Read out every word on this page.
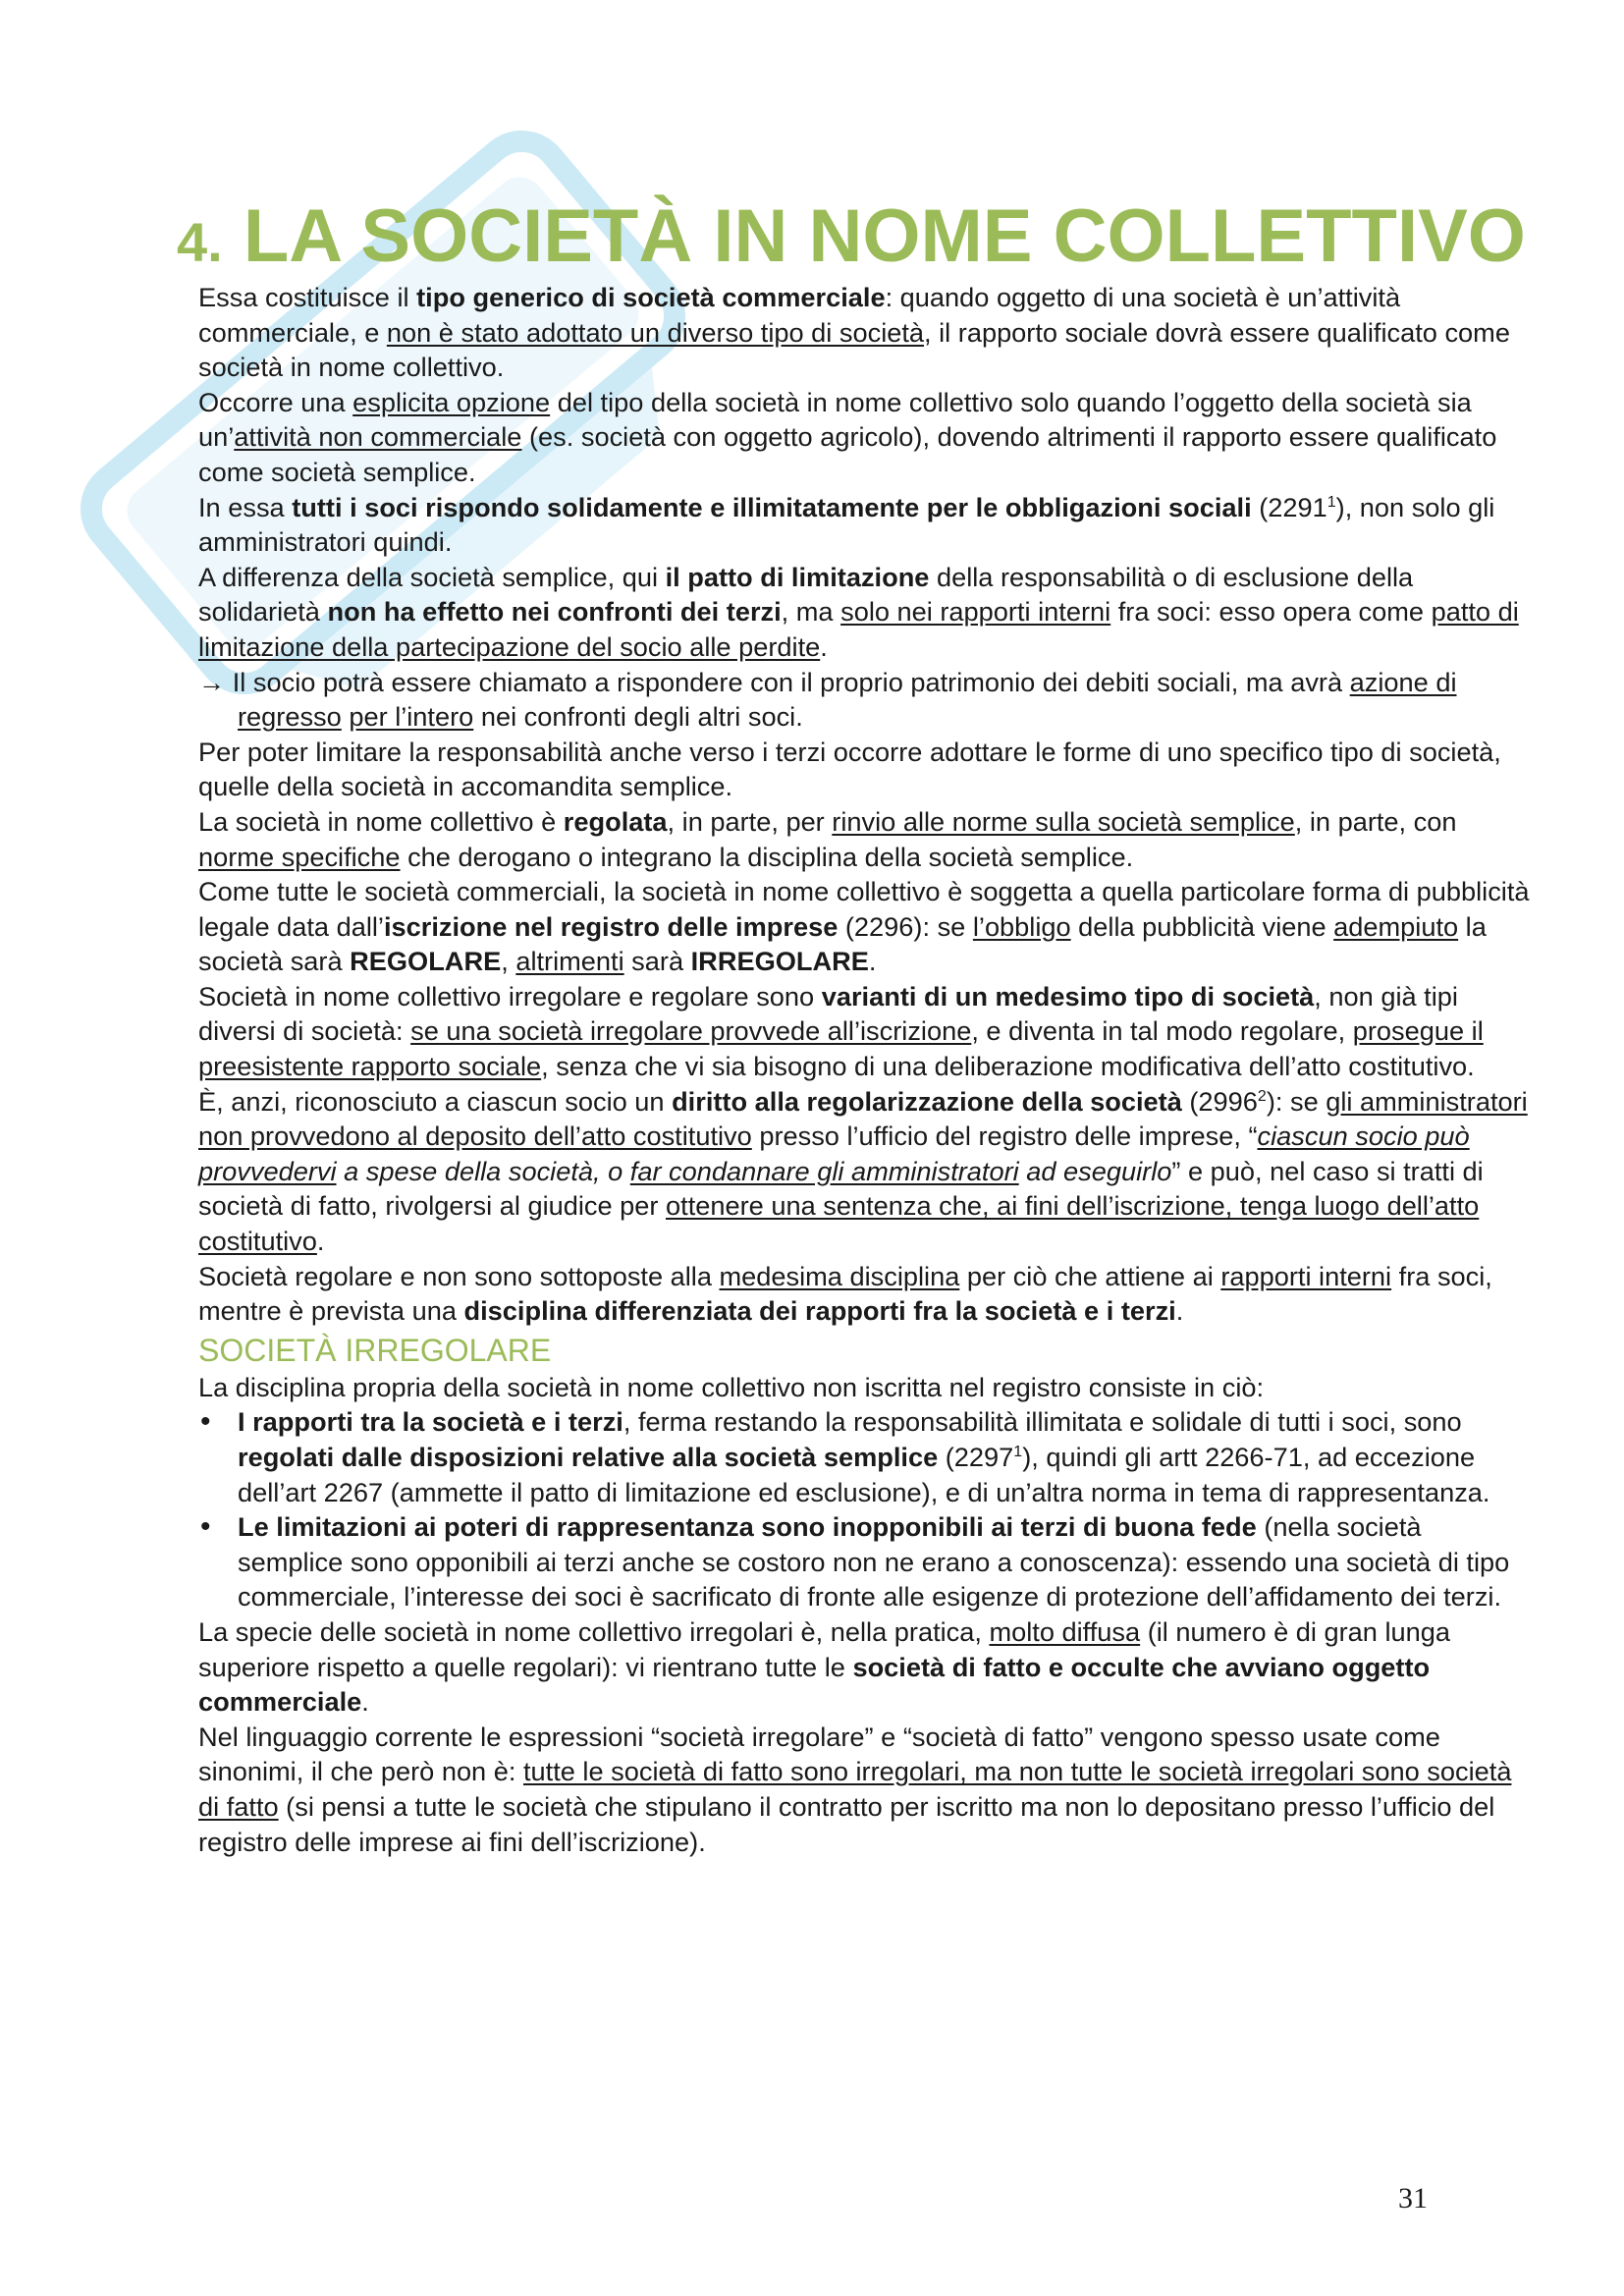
4. LA SOCIETÀ IN NOME COLLETTIVO

Essa costituisce il tipo generico di società commerciale: quando oggetto di una società è un’attività commerciale, e non è stato adottato un diverso tipo di società, il rapporto sociale dovrà essere qualificato come società in nome collettivo.

Occorre una esplicita opzione del tipo della società in nome collettivo solo quando l’oggetto della società sia un’attività non commerciale (es. società con oggetto agricolo), dovendo altrimenti il rapporto essere qualificato come società semplice.

In essa tutti i soci rispondo solidamente e illimitatamente per le obbligazioni sociali (2291$^1$), non solo gli amministratori quindi.

A differenza della società semplice, qui il patto di limitazione della responsabilità o di esclusione della solidarietà non ha effetto nei confronti dei terzi, ma solo nei rapporti interni fra soci: esso opera come patto di limitazione della partecipazione del socio alle perdite.

→ Il socio potrà essere chiamato a rispondere con il proprio patrimonio dei debiti sociali, ma avrà azione di regresso per l’intero nei confronti degli altri soci.

Per poter limitare la responsabilità anche verso i terzi occorre adottare le forme di uno specifico tipo di società, quelle della società in accomandita semplice.

La società in nome collettivo è regolata, in parte, per rinvio alle norme sulla società semplice, in parte, con norme specifiche che derogano o integrano la disciplina della società semplice.

Come tutte le società commerciali, la società in nome collettivo è soggetta a quella particolare forma di pubblicità legale data dall’iscrizione nel registro delle imprese (2296): se l’obbligo della pubblicità viene adempiuto la società sarà REGOLARE, altrimenti sarà IRREGOLARE.

Società in nome collettivo irregolare e regolare sono varianti di un medesimo tipo di società, non già tipi diversi di società: se una società irregolare provvede all’iscrizione, e diventa in tal modo regolare, prosegue il preesistente rapporto sociale, senza che vi sia bisogno di una deliberazione modificativa dell’atto costitutivo.

È, anzi, riconosciuto a ciascun socio un diritto alla regolarizzazione della società (2996$^2$): se gli amministratori non provvedono al deposito dell’atto costitutivo presso l’ufficio del registro delle imprese, “ciascun socio può provvedervi a spese della società, o far condannare gli amministratori ad eseguirlo” e può, nel caso si tratti di società di fatto, rivolgersi al giudice per ottenere una sentenza che, ai fini dell’iscrizione, tenga luogo dell’atto costitutivo.

Società regolare e non sono sottoposte alla medesima disciplina per ciò che attiene ai rapporti interni fra soci, mentre è prevista una disciplina differenziata dei rapporti fra la società e i terzi.

SOCIETÀ IRREGOLARE

La disciplina propria della società in nome collettivo non iscritta nel registro consiste in ciò:

• I rapporti tra la società e i terzi, ferma restando la responsabilità illimitata e solidale di tutti i soci, sono regolati dalle disposizioni relative alla società semplice (2297$^1$), quindi gli artt 2266-71, ad eccezione dell’art 2267 (ammette il patto di limitazione ed esclusione), e di un’altra norma in tema di rappresentanza.
• Le limitazioni ai poteri di rappresentanza sono inopponibili ai terzi di buona fede (nella società semplice sono opponibili ai terzi anche se costoro non ne erano a conoscenza): essendo una società di tipo commerciale, l’interesse dei soci è sacrificato di fronte alle esigenze di protezione dell’affidamento dei terzi.

La specie delle società in nome collettivo irregolari è, nella pratica, molto diffusa (il numero è di gran lunga superiore rispetto a quelle regolari): vi rientrano tutte le società di fatto e occulte che avviano oggetto commerciale.

Nel linguaggio corrente le espressioni “società irregolare” e “società di fatto” vengono spesso usate come sinonimi, il che però non è: tutte le società di fatto sono irregolari, ma non tutte le società irregolari sono società di fatto (si pensi a tutte le società che stipulano il contratto per iscritto ma non lo depositano presso l’ufficio del registro delle imprese ai fini dell’iscrizione).

31
